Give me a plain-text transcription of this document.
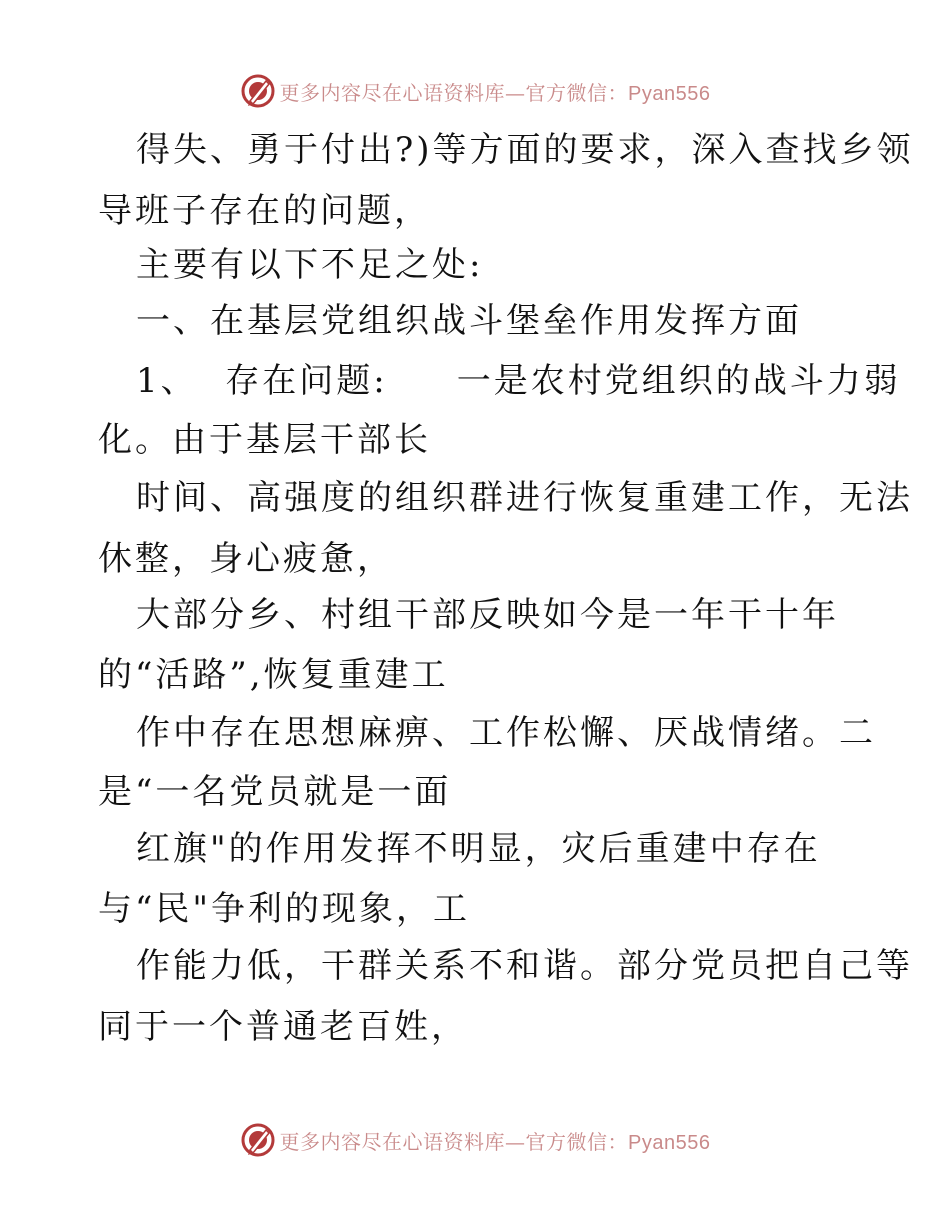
更多内容尽在心语资料库—官方微信：Pyan556
得失、勇于付出?)等方面的要求，深入查找乡领
导班子存在的问题，
主要有以下不足之处:
一、在基层党组织战斗堡垒作用发挥方面
1、  存在问题:     一是农村党组织的战斗力弱
化。由于基层干部长
时间、高强度的组织群进行恢复重建工作，无法
休整，身心疲惫，
大部分乡、村组干部反映如今是一年干十年
的“活路”,恢复重建工
作中存在思想麻痹、工作松懈、厌战情绪。二
是“一名党员就是一面
红旗"的作用发挥不明显，灾后重建中存在
与“民"争利的现象，工
作能力低，干群关系不和谐。部分党员把自己等
同于一个普通老百姓，
更多内容尽在心语资料库—官方微信：Pyan556
